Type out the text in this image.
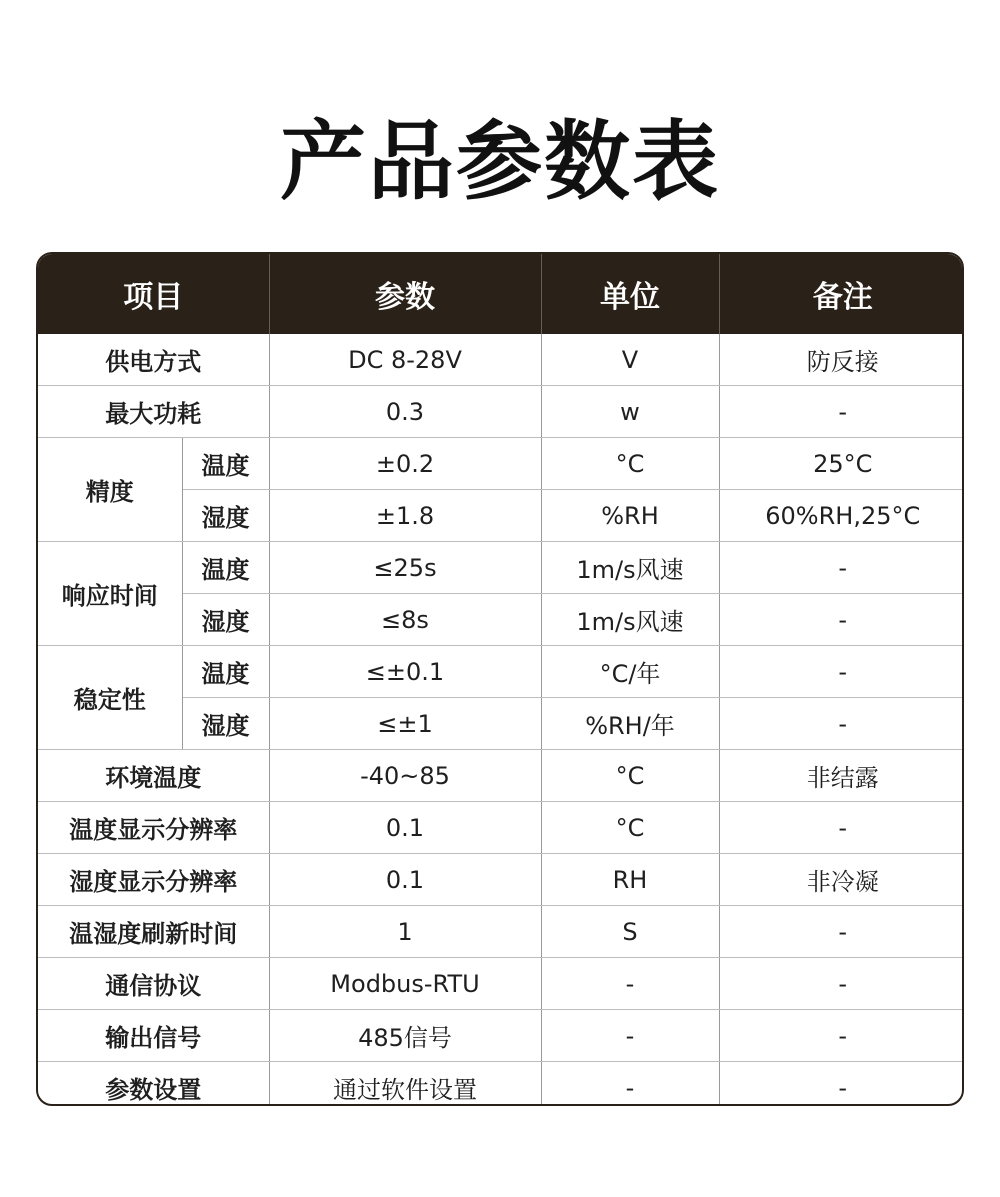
产品参数表
项目		参数	单位	备注
供电方式		DC 8-28V	V	防反接
最大功耗		0.3	w	-
精度	温度	±0.2	°C	25°C
	湿度	±1.8	%RH	60%RH,25°C
响应时间	温度	≤25s	1m/s风速	-
	湿度	≤8s	1m/s风速	-
稳定性	温度	≤±0.1	°C/年	-
	湿度	≤±1	%RH/年	-
环境温度		-40~85	°C	非结露
温度显示分辨率		0.1	°C	-
湿度显示分辨率		0.1	RH	非冷凝
温湿度刷新时间		1	S	-
通信协议		Modbus-RTU	-	-
输出信号		485信号	-	-
参数设置		通过软件设置	-	-
